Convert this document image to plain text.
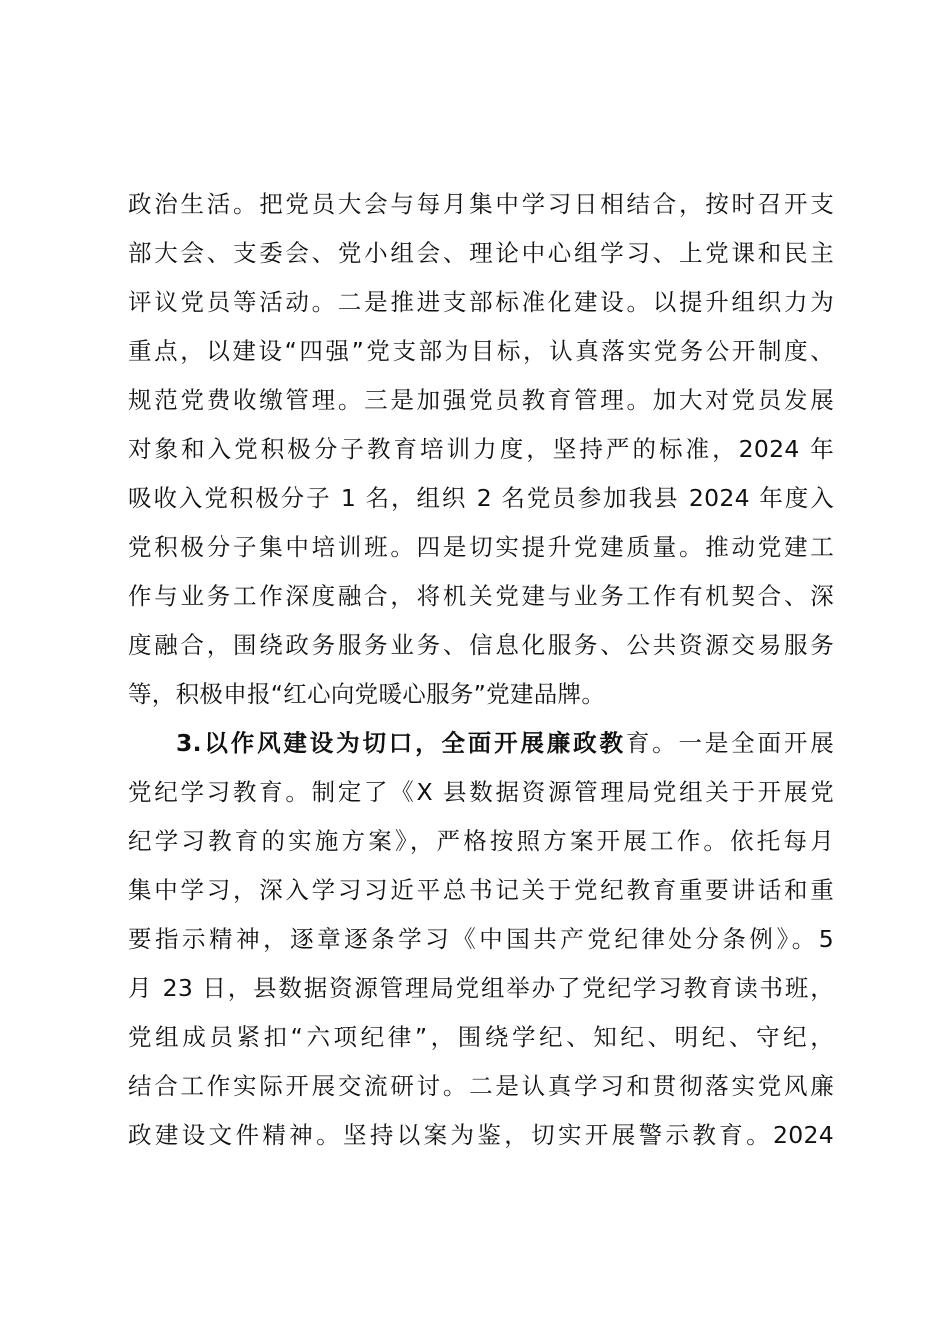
政治生活。把党员大会与每月集中学习日相结合，按时召开支
部大会、支委会、党小组会、理论中心组学习、上党课和民主
评议党员等活动。二是推进支部标准化建设。以提升组织力为
重点，以建设“四强”党支部为目标，认真落实党务公开制度、
规范党费收缴管理。三是加强党员教育管理。加大对党员发展
对象和入党积极分子教育培训力度，坚持严的标准，2024 年
吸收入党积极分子 1 名，组织 2 名党员参加我县 2024 年度入
党积极分子集中培训班。四是切实提升党建质量。推动党建工
作与业务工作深度融合，将机关党建与业务工作有机契合、深
度融合，围绕政务服务业务、信息化服务、公共资源交易服务
等，积极申报“红心向党暖心服务”党建品牌。
3.以作风建设为切口，全面开展廉政教育。一是全面开展
党纪学习教育。制定了《X 县数据资源管理局党组关于开展党
纪学习教育的实施方案》，严格按照方案开展工作。依托每月
集中学习，深入学习习近平总书记关于党纪教育重要讲话和重
要指示精神，逐章逐条学习《中国共产党纪律处分条例》。5
月 23 日，县数据资源管理局党组举办了党纪学习教育读书班，
党组成员紧扣“六项纪律”，围绕学纪、知纪、明纪、守纪，
结合工作实际开展交流研讨。二是认真学习和贯彻落实党风廉
政建设文件精神。坚持以案为鉴，切实开展警示教育。2024
